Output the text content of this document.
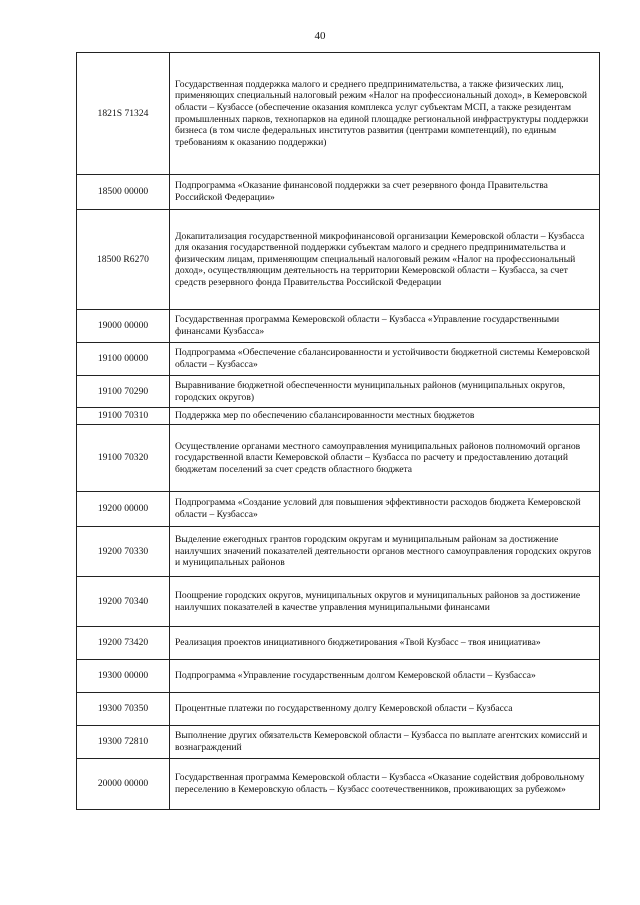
40
1821S 71324	Государственная поддержка малого и среднего предпринимательства, а также физических лиц, применяющих специальный налоговый режим «Налог на профессиональный доход», в Кемеровской области – Кузбассе (обеспечение оказания комплекса услуг субъектам МСП, а также резидентам промышленных парков, технопарков на единой площадке региональной инфраструктуры поддержки бизнеса (в том числе федеральных институтов развития (центрами компетенций), по единым требованиям к оказанию поддержки)
18500 00000	Подпрограмма «Оказание финансовой поддержки за счет резервного фонда Правительства Российской Федерации»
18500 R6270	Докапитализация государственной микрофинансовой организации Кемеровской области – Кузбасса для оказания государственной поддержки субъектам малого и среднего предпринимательства и физическим лицам, применяющим специальный налоговый режим «Налог на профессиональный доход», осуществляющим деятельность на территории Кемеровской области – Кузбасса, за счет средств резервного фонда Правительства Российской Федерации
19000 00000	Государственная программа Кемеровской области – Кузбасса «Управление государственными финансами Кузбасса»
19100 00000	Подпрограмма «Обеспечение сбалансированности и устойчивости бюджетной системы Кемеровской области – Кузбасса»
19100 70290	Выравнивание бюджетной обеспеченности муниципальных районов (муниципальных округов, городских округов)
19100 70310	Поддержка мер по обеспечению сбалансированности местных бюджетов
19100 70320	Осуществление органами местного самоуправления муниципальных районов полномочий органов государственной власти Кемеровской области – Кузбасса по расчету и предоставлению дотаций бюджетам поселений за счет средств областного бюджета
19200 00000	Подпрограмма «Создание условий для повышения эффективности расходов бюджета Кемеровской области – Кузбасса»
19200 70330	Выделение ежегодных грантов городским округам и муниципальным районам за достижение наилучших значений показателей деятельности органов местного самоуправления городских округов и муниципальных районов
19200 70340	Поощрение городских округов, муниципальных округов и муниципальных районов за достижение наилучших показателей в качестве управления муниципальными финансами
19200 73420	Реализация проектов инициативного бюджетирования «Твой Кузбасс – твоя инициатива»
19300 00000	Подпрограмма «Управление государственным долгом Кемеровской области – Кузбасса»
19300 70350	Процентные платежи по государственному долгу Кемеровской области – Кузбасса
19300 72810	Выполнение других обязательств Кемеровской области – Кузбасса по выплате агентских комиссий и вознаграждений
20000 00000	Государственная программа Кемеровской области – Кузбасса «Оказание содействия добровольному переселению в Кемеровскую область – Кузбасс соотечественников, проживающих за рубежом»
